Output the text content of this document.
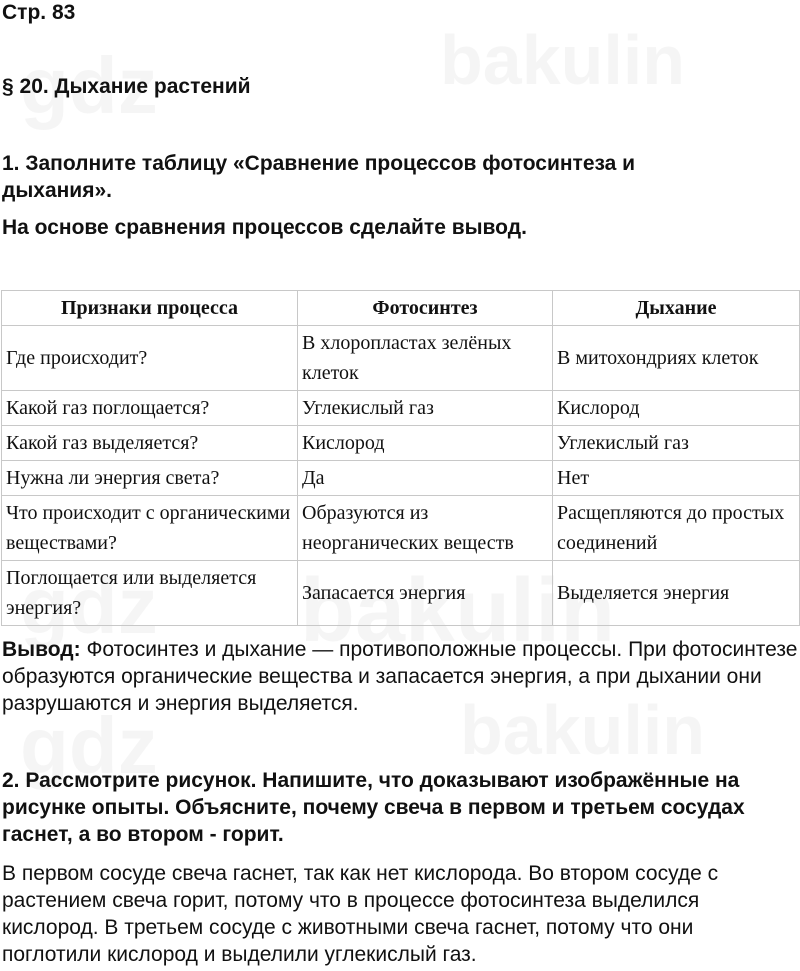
Стр. 83
§ 20. Дыхание растений
1. Заполните таблицу «Сравнение процессов фотосинтеза и дыхания».
На основе сравнения процессов сделайте вывод.
Признаки процесса	Фотосинтез	Дыхание
Где происходит?	В хлоропластах зелёных клеток	В митохондриях клеток
Какой газ поглощается?	Углекислый газ	Кислород
Какой газ выделяется?	Кислород	Углекислый газ
Нужна ли энергия света?	Да	Нет
Что происходит с органическими веществами?	Образуются из неорганических веществ	Расщепляются до простых соединений
Поглощается или выделяется энергия?	Запасается энергия	Выделяется энергия
Вывод: Фотосинтез и дыхание — противоположные процессы. При фотосинтезе образуются органические вещества и запасается энергия, а при дыхании они разрушаются и энергия выделяется.
2. Рассмотрите рисунок. Напишите, что доказывают изображённые на рисунке опыты. Объясните, почему свеча в первом и третьем сосудах гаснет, а во втором - горит.
В первом сосуде свеча гаснет, так как нет кислорода. Во втором сосуде с растением свеча горит, потому что в процессе фотосинтеза выделился кислород. В третьем сосуде с животными свеча гаснет, потому что они поглотили кислород и выделили углекислый газ.
